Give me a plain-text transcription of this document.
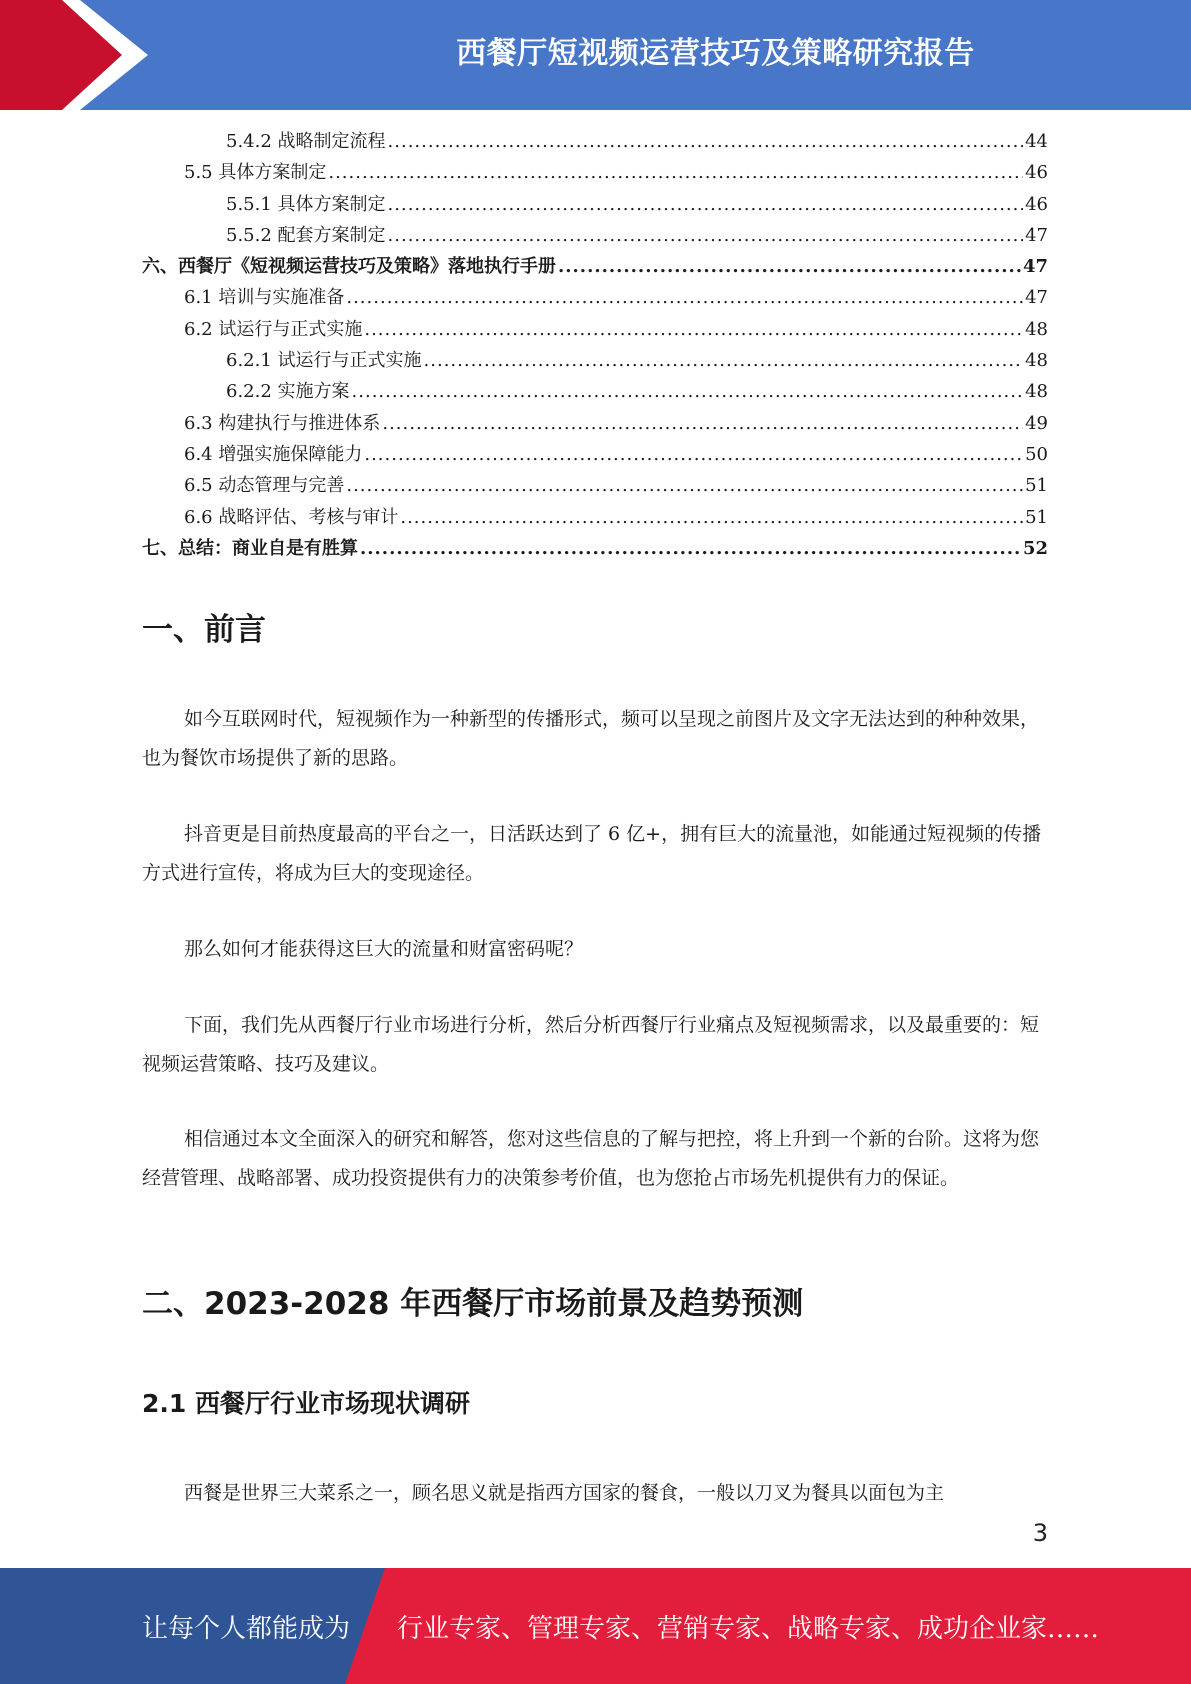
西餐厅短视频运营技巧及策略研究报告
5.4.2 战略制定流程 .....	44
5.5 具体方案制定 .....	46
5.5.1 具体方案制定 .....	46
5.5.2 配套方案制定 .....	47
六、西餐厅《短视频运营技巧及策略》落地执行手册 .....	47
6.1 培训与实施准备 .....	47
6.2 试运行与正式实施 .....	48
6.2.1 试运行与正式实施 .....	48
6.2.2 实施方案 .....	48
6.3 构建执行与推进体系 .....	49
6.4 增强实施保障能力 .....	50
6.5 动态管理与完善 .....	51
6.6 战略评估、考核与审计 .....	51
七、总结：商业自是有胜算 .....	52
一、前言

如今互联网时代，短视频作为一种新型的传播形式，频可以呈现之前图片及文字无法达到的种种效果，也为餐饮市场提供了新的思路。

抖音更是目前热度最高的平台之一，日活跃达到了 6 亿+，拥有巨大的流量池，如能通过短视频的传播方式进行宣传，将成为巨大的变现途径。

那么如何才能获得这巨大的流量和财富密码呢？

下面，我们先从西餐厅行业市场进行分析，然后分析西餐厅行业痛点及短视频需求，以及最重要的：短视频运营策略、技巧及建议。

相信通过本文全面深入的研究和解答，您对这些信息的了解与把控，将上升到一个新的台阶。这将为您经营管理、战略部署、成功投资提供有力的决策参考价值，也为您抢占市场先机提供有力的保证。

二、2023-2028 年西餐厅市场前景及趋势预测
2.1 西餐厅行业市场现状调研

西餐是世界三大菜系之一，顾名思义就是指西方国家的餐食，一般以刀叉为餐具以面包为主

3
让每个人都能成为 行业专家、管理专家、营销专家、战略专家、成功企业家……
